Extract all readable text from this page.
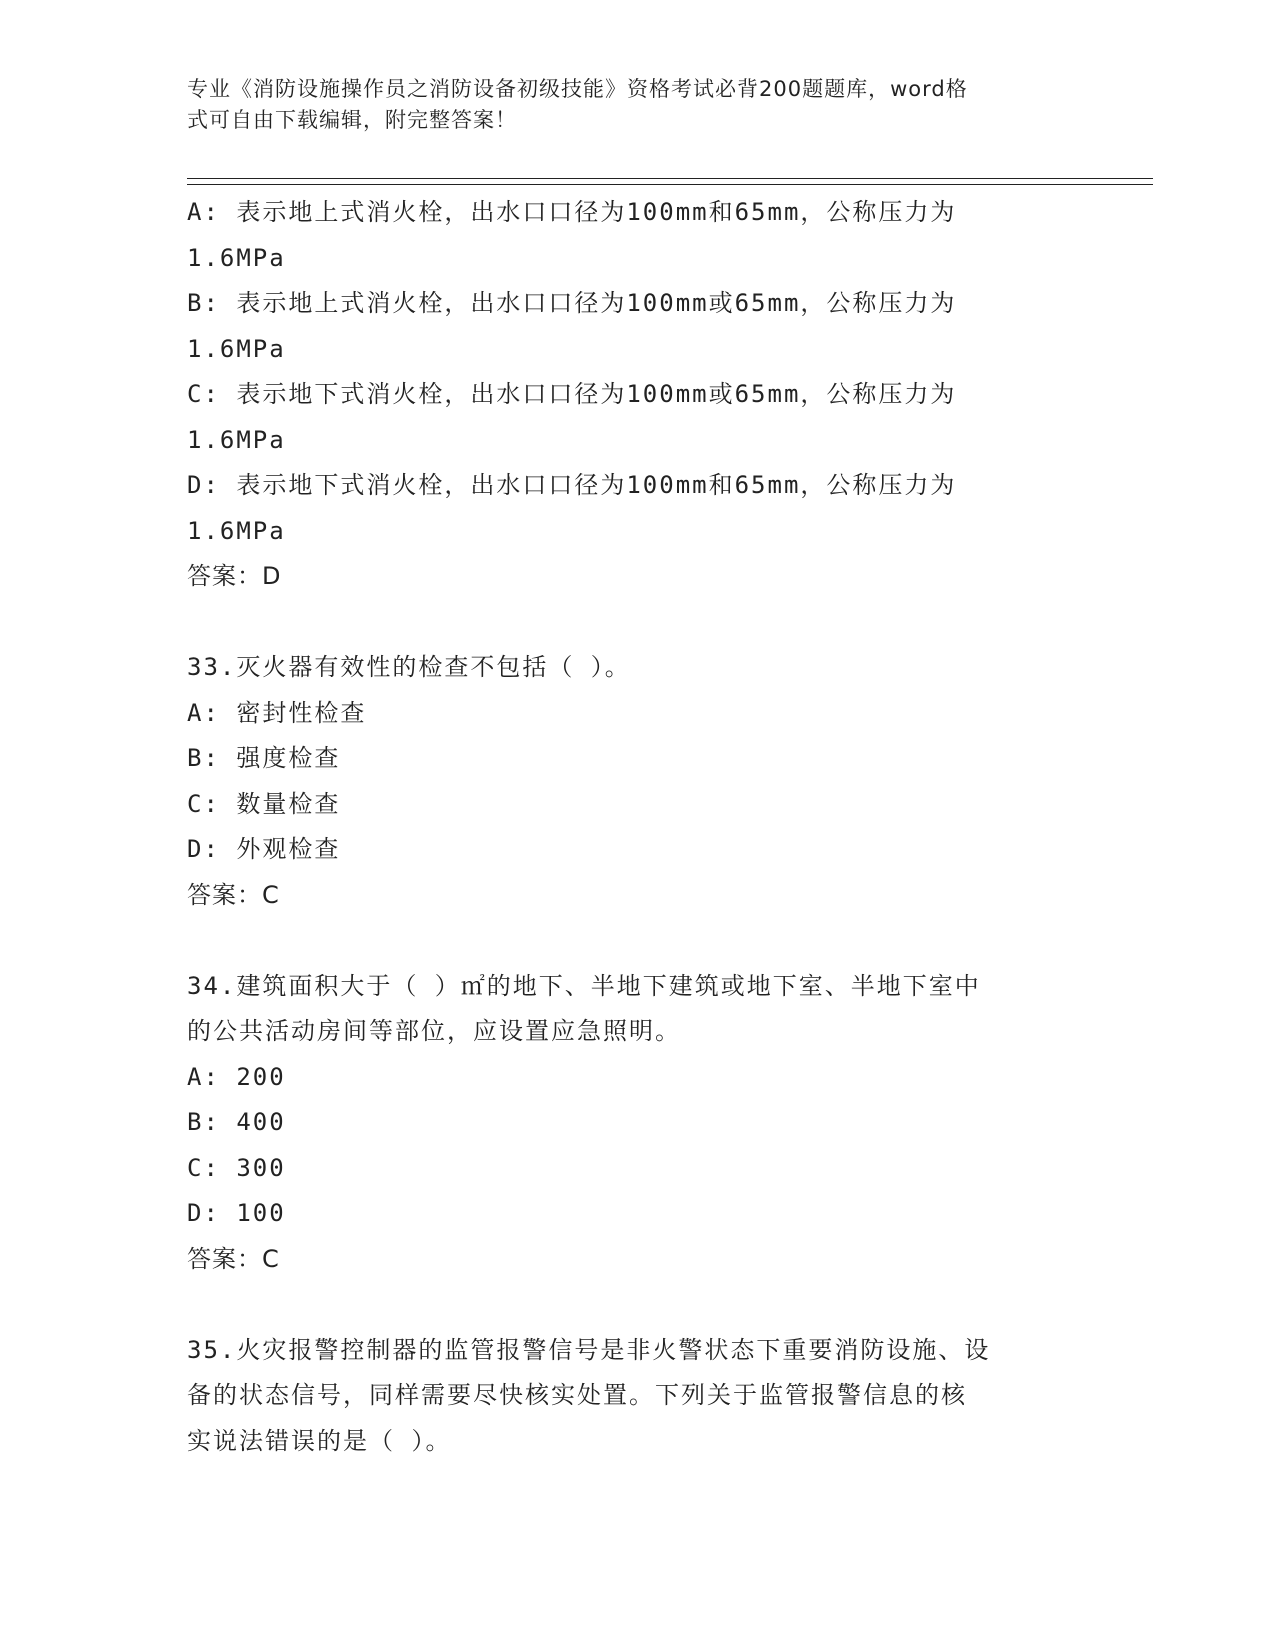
专业《消防设施操作员之消防设备初级技能》资格考试必背200题题库，word格
式可自由下载编辑，附完整答案！
A: 表示地上式消火栓，出水口口径为100mm和65mm，公称压力为
1.6MPa
B: 表示地上式消火栓，出水口口径为100mm或65mm，公称压力为
1.6MPa
C: 表示地下式消火栓，出水口口径为100mm或65mm，公称压力为
1.6MPa
D: 表示地下式消火栓，出水口口径为100mm和65mm，公称压力为
1.6MPa
答案：D
33.灭火器有效性的检查不包括（ ）。
A: 密封性检查
B: 强度检查
C: 数量检查
D: 外观检查
答案：C
34.建筑面积大于（ ）㎡的地下、半地下建筑或地下室、半地下室中
的公共活动房间等部位，应设置应急照明。
A: 200
B: 400
C: 300
D: 100
答案：C
35.火灾报警控制器的监管报警信号是非火警状态下重要消防设施、设
备的状态信号，同样需要尽快核实处置。下列关于监管报警信息的核
实说法错误的是（ ）。
